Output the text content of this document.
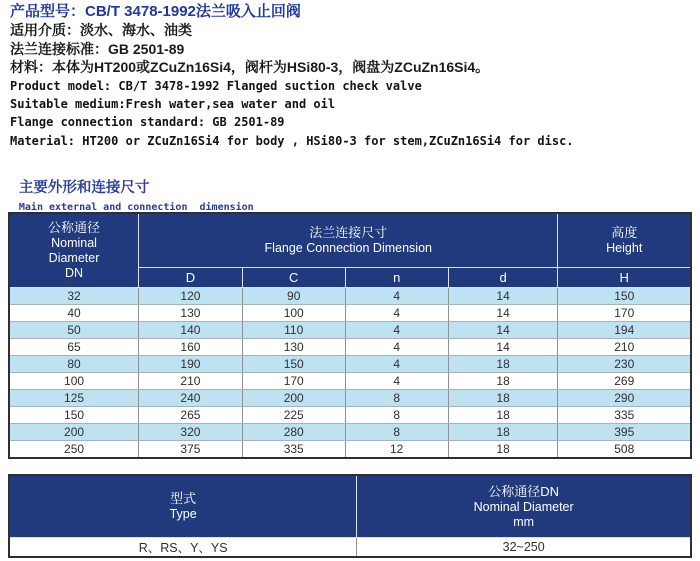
产品型号：CB/T 3478-1992法兰吸入止回阀
适用介质：淡水、海水、油类
法兰连接标准：GB 2501-89
材料：本体为HT200或ZCuZn16Si4，阀杆为HSi80-3，阀盘为ZCuZn16Si4。
Product model: CB/T 3478-1992 Flanged suction check valve
Suitable medium:Fresh water,sea water and oil
Flange connection standard: GB 2501-89
Material: HT200 or ZCuZn16Si4 for body , HSi80-3 for stem,ZCuZn16Si4 for disc.

主要外形和连接尺寸
Main external and connection  dimension

公称通径
Nominal
Diameter
DN

法兰连接尺寸
Flange Connection Dimension

高度
Height

	D	C	n	d	H
32	120	90	4	14	150
40	130	100	4	14	170
50	140	110	4	14	194
65	160	130	4	14	210
80	190	150	4	18	230
100	210	170	4	18	269
125	240	200	8	18	290
150	265	225	8	18	335
200	320	280	8	18	395
250	375	335	12	18	508
型式
Type

公称通径DN
Nominal Diameter
mm

R、RS、Y、YS	32~250
